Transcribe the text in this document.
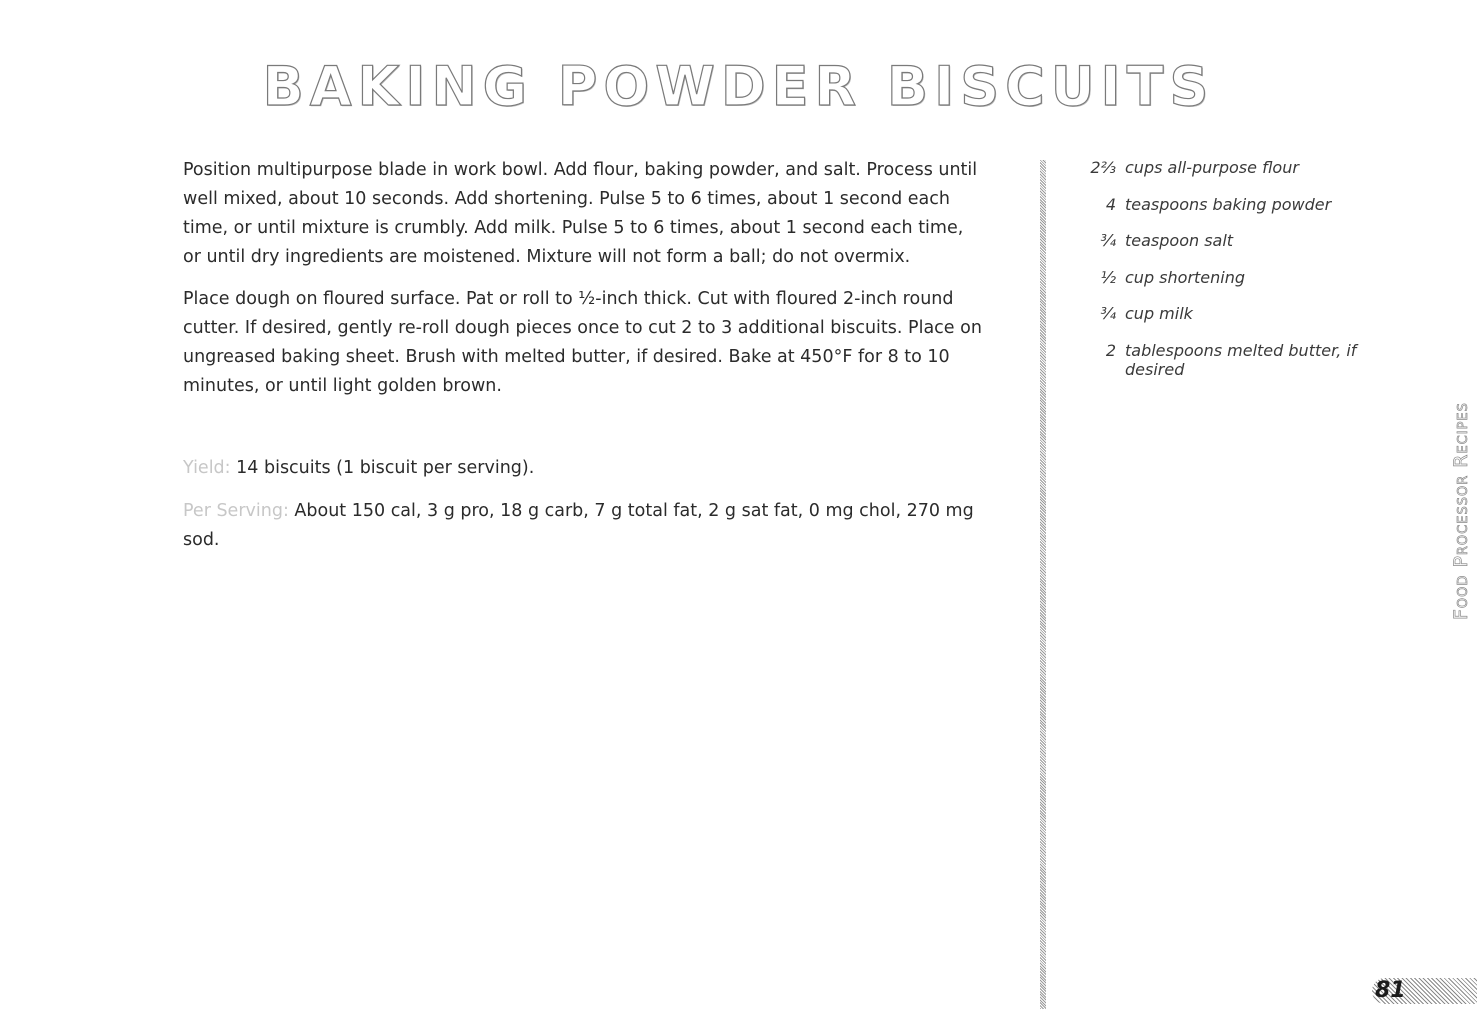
BAKING POWDER BISCUITS
Position multipurpose blade in work bowl. Add flour, baking powder, and salt. Process until well mixed, about 10 seconds. Add shortening. Pulse 5 to 6 times, about 1 second each time, or until mixture is crumbly. Add milk. Pulse 5 to 6 times, about 1 second each time, or until dry ingredients are moistened. Mixture will not form a ball; do not overmix.
Place dough on floured surface. Pat or roll to ½-inch thick. Cut with floured 2-inch round cutter. If desired, gently re-roll dough pieces once to cut 2 to 3 additional biscuits. Place on ungreased baking sheet. Brush with melted butter, if desired. Bake at 450°F for 8 to 10 minutes, or until light golden brown.
Yield: 14 biscuits (1 biscuit per serving).
Per Serving: About 150 cal, 3 g pro, 18 g carb, 7 g total fat, 2 g sat fat, 0 mg chol, 270 mg sod.
2⅔ cups all-purpose flour
4 teaspoons baking powder
¾ teaspoon salt
½ cup shortening
¾ cup milk
2 tablespoons melted butter, if desired
Food Processor Recipes
81
